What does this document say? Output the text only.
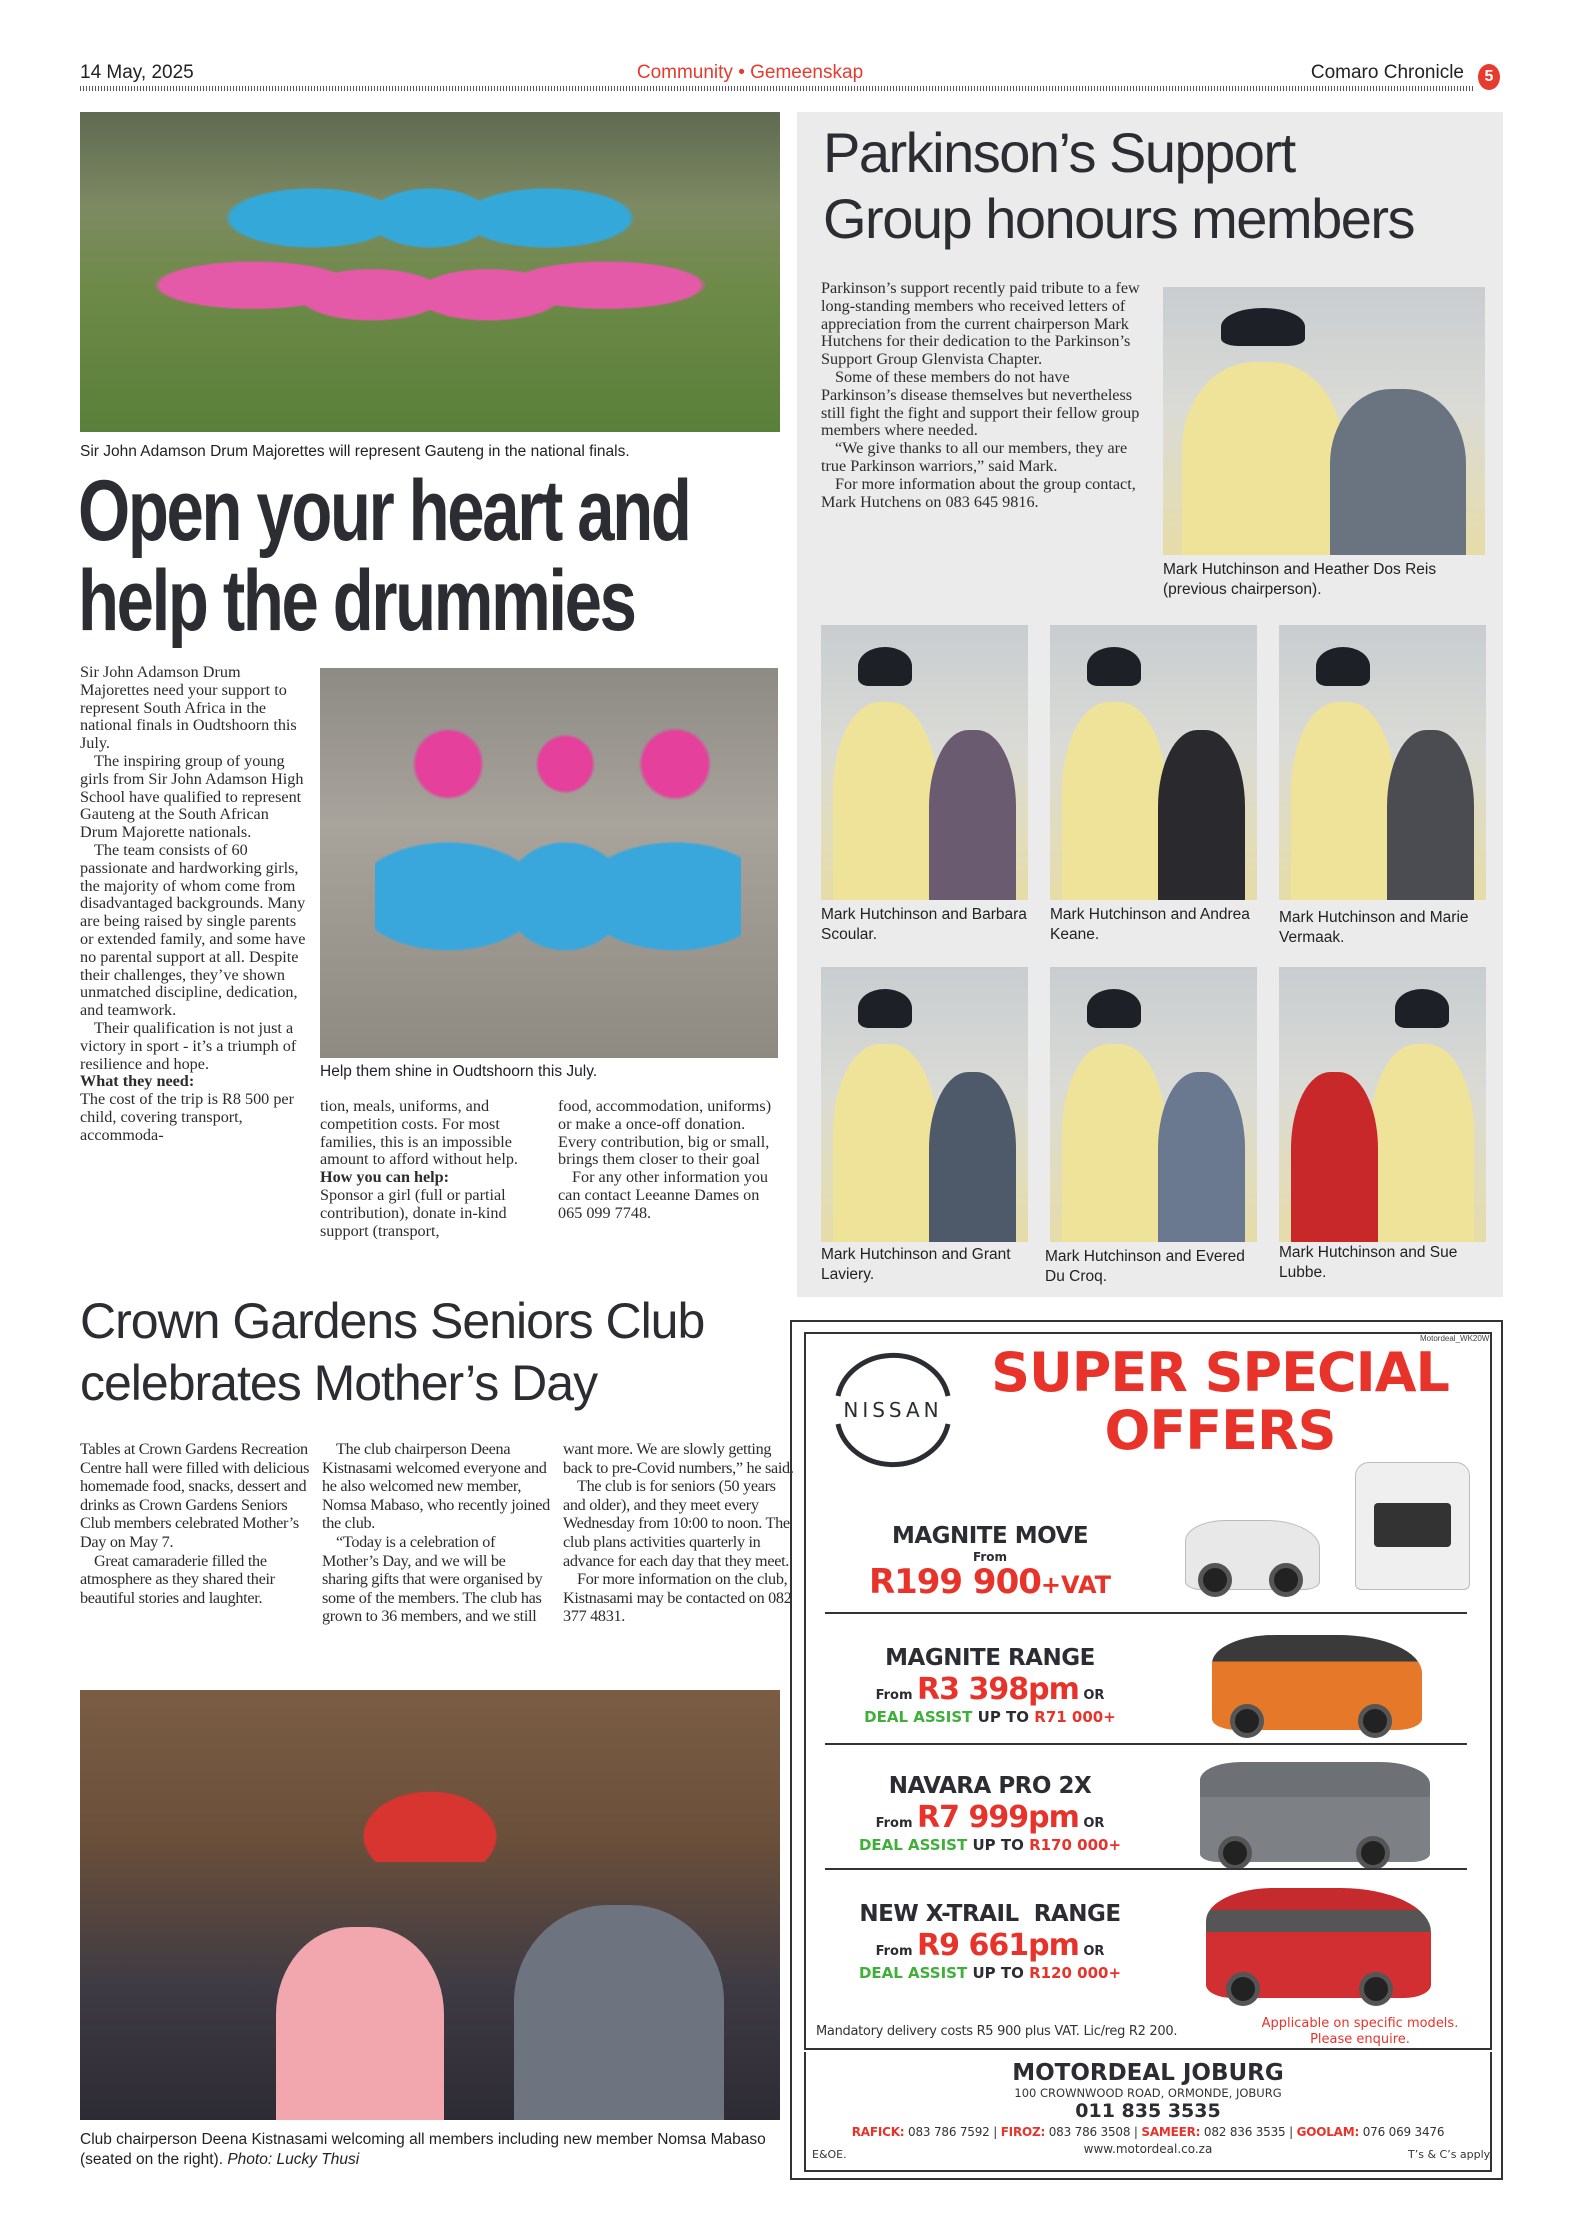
14 May, 2025	Community • Gemeenskap	Comaro Chronicle	5
Sir John Adamson Drum Majorettes will represent Gauteng in the national finals.
Open your heart and
help the drummies

Sir John Adamson Drum Majorettes need your support to represent South Africa in the national finals in Oudtshoorn this July.

The inspiring group of young girls from Sir John Adamson High School have qualified to represent Gauteng at the South African Drum Majorette nationals.

The team consists of 60 passionate and hardworking girls, the majority of whom come from disadvantaged backgrounds. Many are being raised by single parents or extended family, and some have no parental support at all. Despite their challenges, they’ve shown unmatched discipline, dedication, and teamwork.

Their qualification is not just a victory in sport - it’s a triumph of resilience and hope.

What they need:

The cost of the trip is R8 500 per child, covering transport, accommoda-

Help them shine in Oudtshoorn this July.

tion, meals, uniforms, and competition costs. For most families, this is an impossible amount to afford without help.

How you can help:

Sponsor a girl (full or partial contribution), donate in-kind support (transport,

food, accommodation, uniforms) or make a once-off donation.

Every contribution, big or small, brings them closer to their goal

For any other information you can contact Leeanne Dames on 065 099 7748.

Parkinson’s Support
Group honours members

Parkinson’s support recently paid tribute to a few long-standing members who received letters of appreciation from the current chairperson Mark Hutchens for their dedication to the Parkinson’s Support Group Glenvista Chapter.

Some of these members do not have Parkinson’s disease themselves but nevertheless still fight the fight and support their fellow group members where needed.

“We give thanks to all our members, they are true Parkinson warriors,” said Mark.

For more information about the group contact, Mark Hutchens on 083 645 9816.

Mark Hutchinson and Heather Dos Reis (previous chairperson).
Mark Hutchinson and Barbara Scoular.
Mark Hutchinson and Andrea Keane.
Mark Hutchinson and Marie Vermaak.
Mark Hutchinson and Grant Laviery.
Mark Hutchinson and Evered Du Croq.
Mark Hutchinson and Sue Lubbe.
Crown Gardens Seniors Club
celebrates Mother’s Day

Tables at Crown Gardens Recreation Centre hall were filled with delicious homemade food, snacks, dessert and drinks as Crown Gardens Seniors Club members celebrated Mother’s Day on May 7.

Great camaraderie filled the atmosphere as they shared their beautiful stories and laughter.

The club chairperson Deena Kistnasami welcomed everyone and he also welcomed new member, Nomsa Mabaso, who recently joined the club.

“Today is a celebration of Mother’s Day, and we will be sharing gifts that were organised by some of the members. The club has grown to 36 members, and we still

want more. We are slowly getting back to pre-Covid numbers,” he said.

The club is for seniors (50 years and older), and they meet every Wednesday from 10:00 to noon. The club plans activities quarterly in advance for each day that they meet.

For more information on the club, Kistnasami may be contacted on 082 377 4831.

Club chairperson Deena Kistnasami welcoming all members including new member Nomsa Mabaso (seated on the right). Photo: Lucky Thusi
Motordeal_WK20W
NISSAN
SUPER SPECIAL
OFFERS
MAGNITE MOVE
From
R199 900+VAT
MAGNITE RANGE
From R3 398pm OR
DEAL ASSIST UP TO R71 000+
NAVARA PRO 2X
From R7 999pm OR
DEAL ASSIST UP TO R170 000+
NEW X-TRAIL  RANGE
From R9 661pm OR
DEAL ASSIST UP TO R120 000+
Mandatory delivery costs R5 900 plus VAT. Lic/reg R2 200.
Applicable on specific models.
Please enquire.
MOTORDEAL JOBURG
100 CROWNWOOD ROAD, ORMONDE, JOBURG
011 835 3535
RAFICK: 083 786 7592 | FIROZ: 083 786 3508 | SAMEER: 082 836 3535 | GOOLAM: 076 069 3476
www.motordeal.co.za
E&OE.	T’s & C’s apply.
